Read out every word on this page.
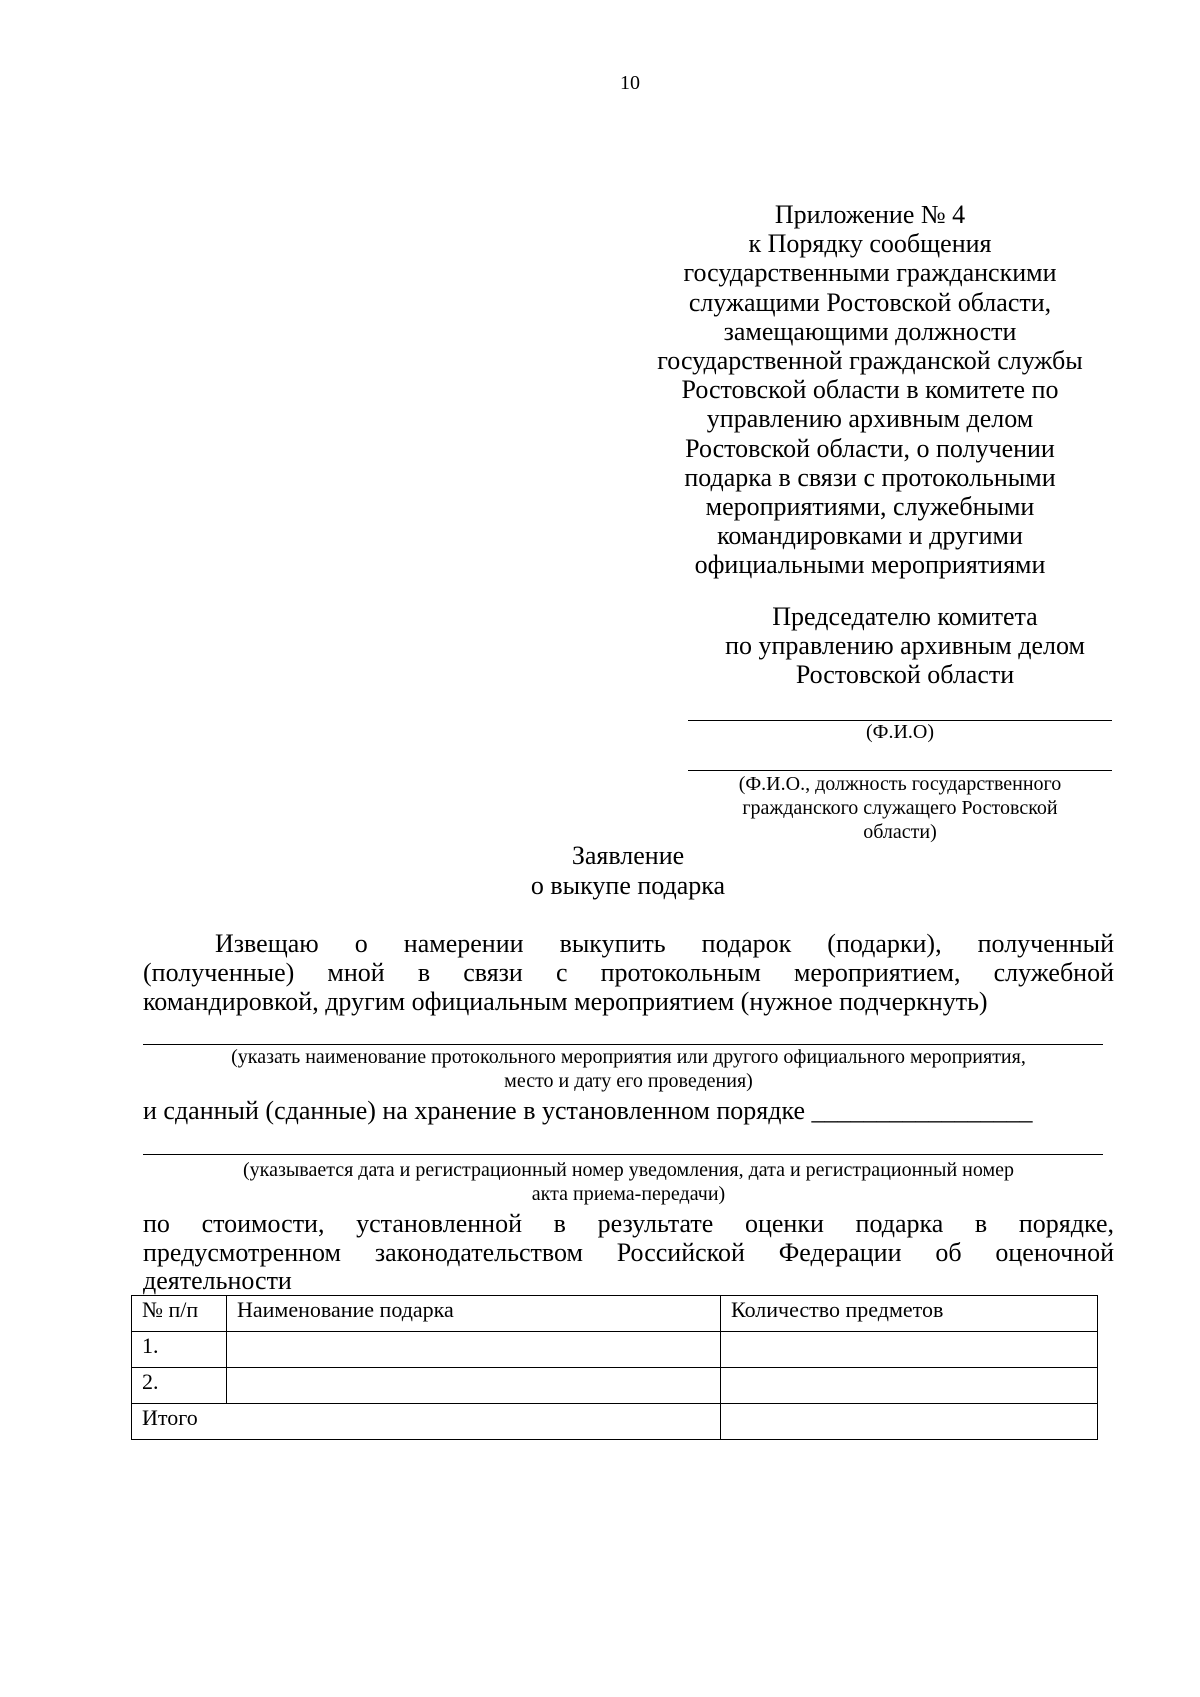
10
Приложение № 4
к Порядку сообщения
государственными гражданскими
служащими Ростовской области,
замещающими должности
государственной гражданской службы
Ростовской области в комитете по
управлению архивным делом
Ростовской области, о получении
подарка в связи с протокольными
мероприятиями, служебными
командировками и другими
официальными мероприятиями
Председателю комитета
по управлению архивным делом
Ростовской области
(Ф.И.О)
(Ф.И.О., должность государственного
гражданского служащего Ростовской
области)
Заявление
о выкупе подарка
Извещаю о намерении выкупить подарок (подарки), полученный
(полученные) мной в связи с протокольным мероприятием, служебной
командировкой, другим официальным мероприятием (нужное подчеркнуть)
(указать наименование протокольного мероприятия или другого официального мероприятия,
место и дату его проведения)
и сданный (сданные) на хранение в установленном порядке _________________
(указывается дата и регистрационный номер уведомления, дата и регистрационный номер
акта приема-передачи)
по стоимости, установленной в результате оценки подарка в порядке,
предусмотренном законодательством Российской Федерации об оценочной
деятельности
№ п/п	Наименование подарка	Количество предметов
1.		
2.		
Итого		
